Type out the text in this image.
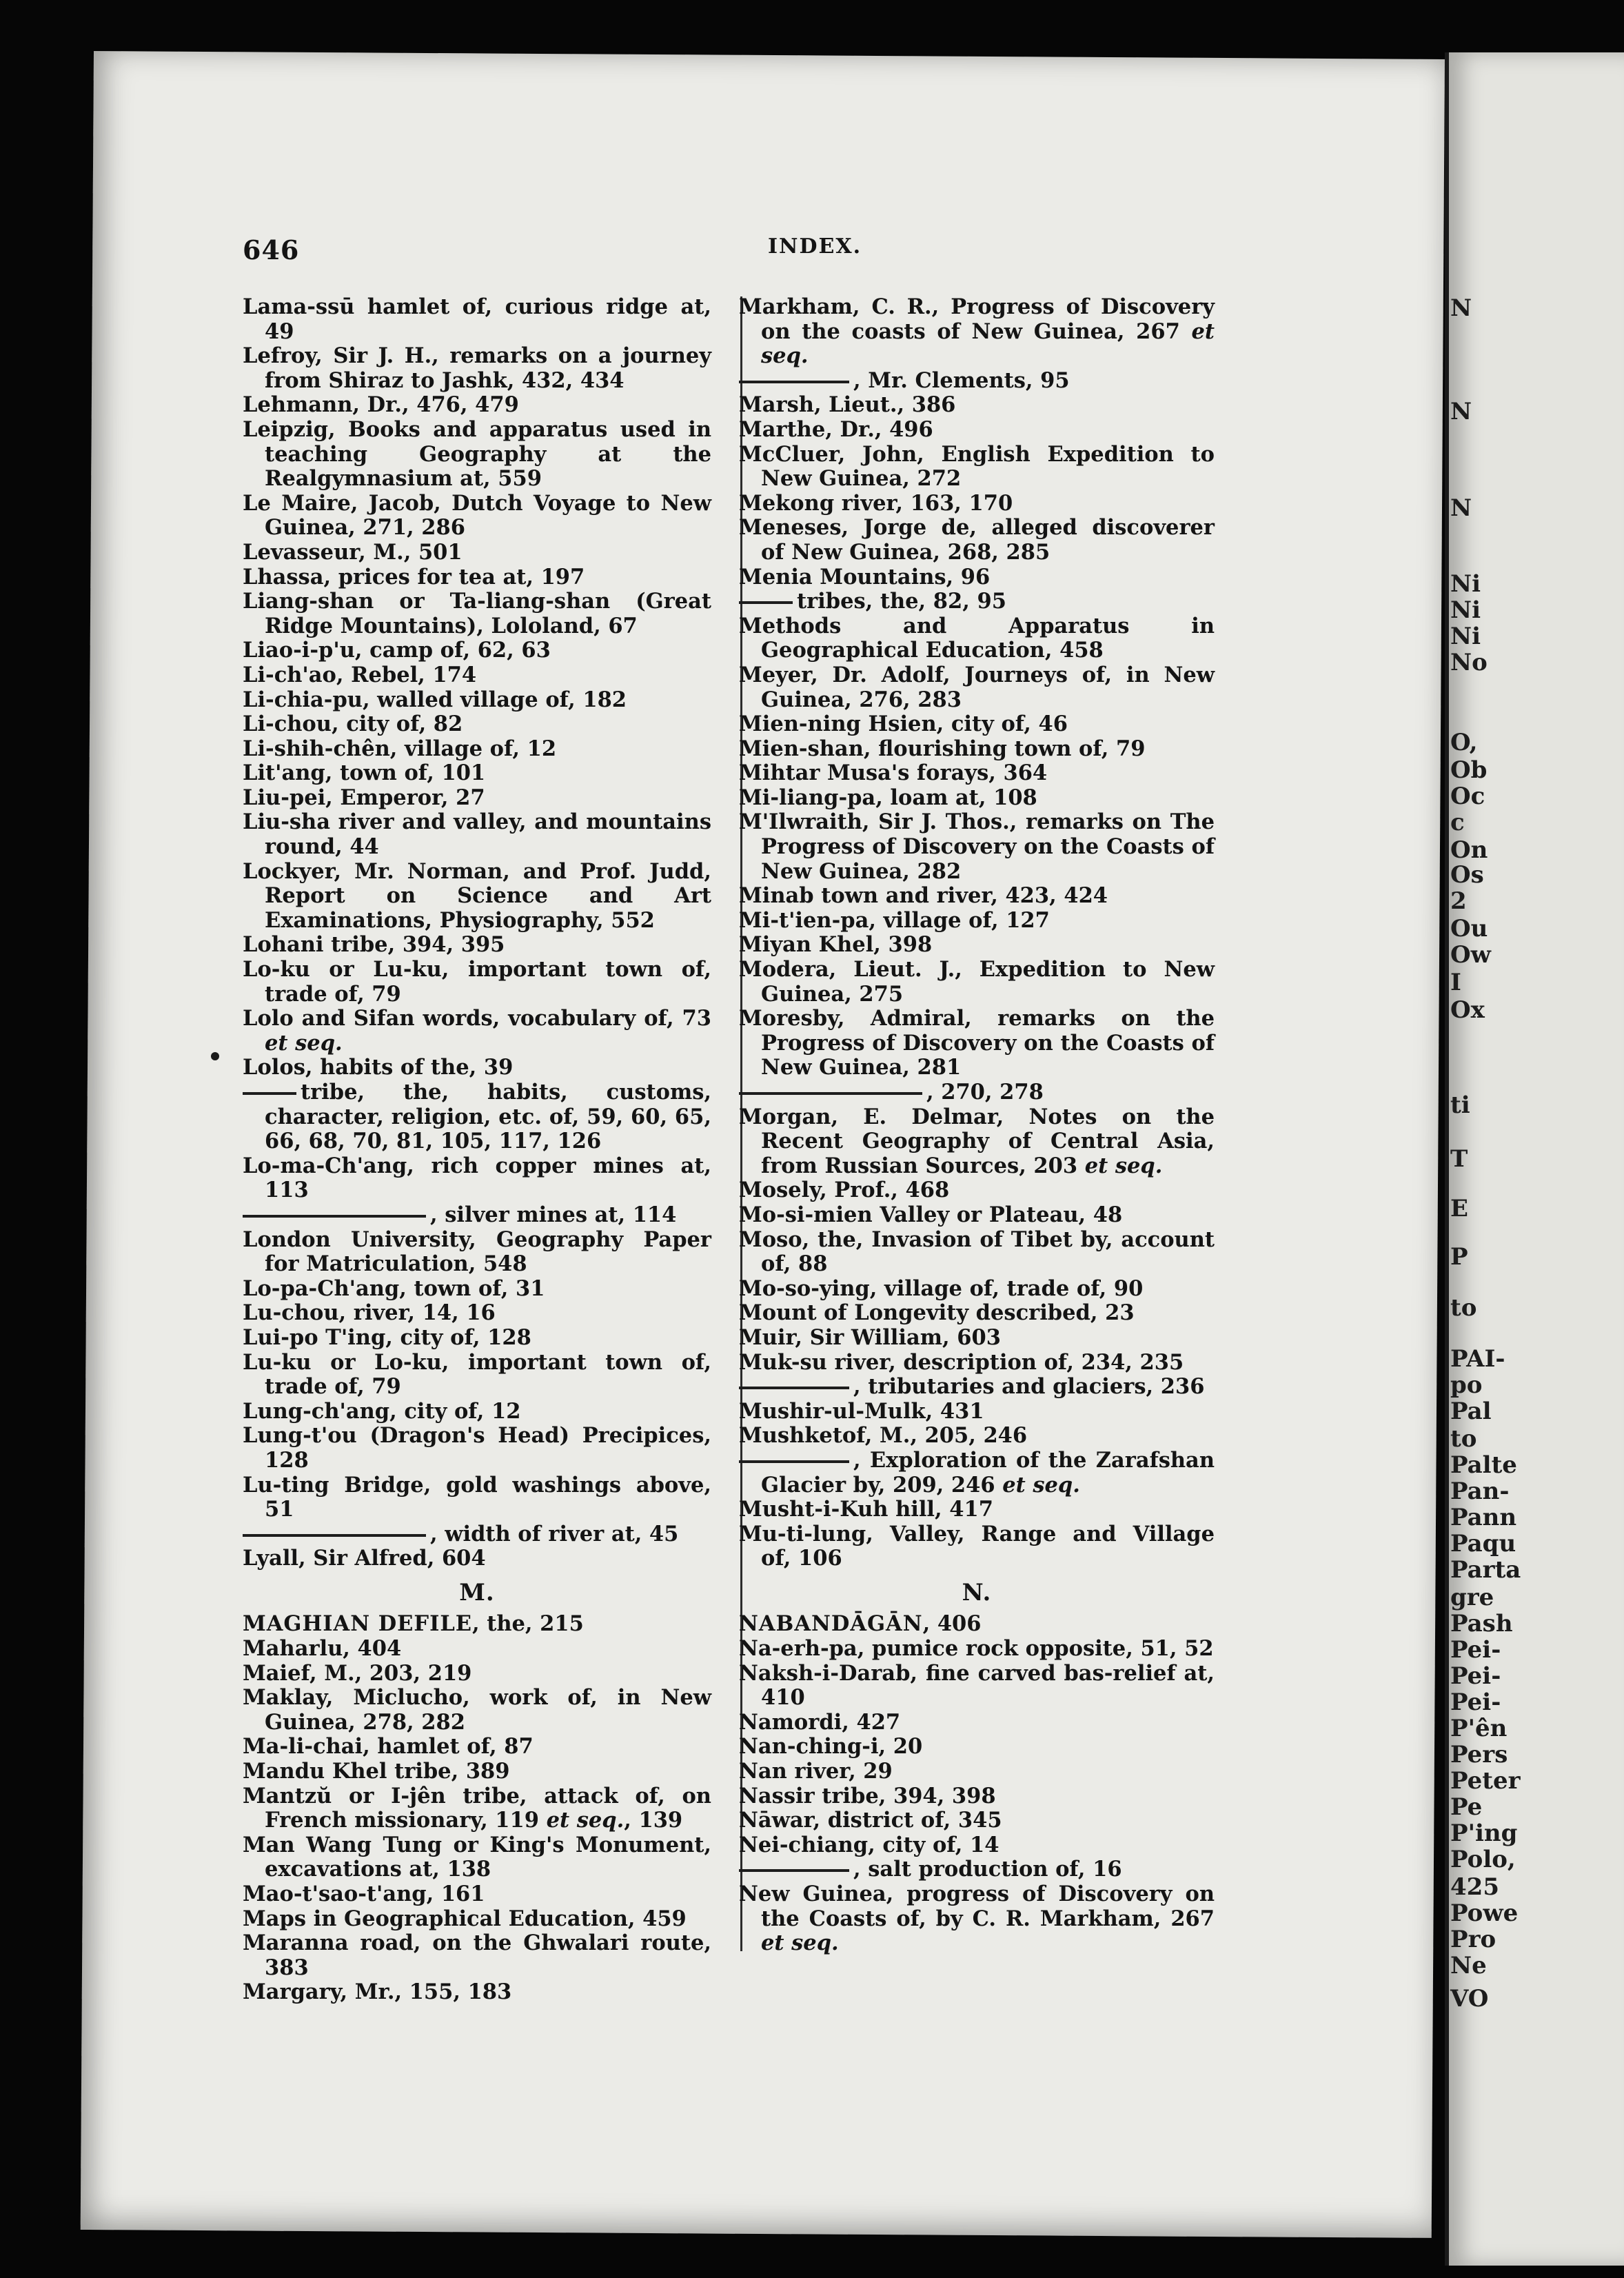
N
N
N
Ni
Ni
Ni
No
O,
Ob
Oc
c
On
Os
2
Ou
Ow
I
Ox
ti
T
E
P
to
PAI-
po
Pal
to
Palte
Pan-
Pann
Paqu
Parta
gre
Pash
Pei-
Pei-
Pei-
P'ên
Pers
Peter
Pe
P'ing
Polo,
425
Powe
Pro
Ne
VO
646	INDEX.

Lama-ssū hamlet of, curious ridge at, 49

Lefroy, Sir J. H., remarks on a journey from Shiraz to Jashk, 432, 434

Lehmann, Dr., 476, 479

Leipzig, Books and apparatus used in teaching Geography at the Realgymnasium at, 559

Le Maire, Jacob, Dutch Voyage to New Guinea, 271, 286

Levasseur, M., 501

Lhassa, prices for tea at, 197

Liang-shan or Ta-liang-shan (Great Ridge Mountains), Lololand, 67

Liao-i-p'u, camp of, 62, 63

Li-ch'ao, Rebel, 174

Li-chia-pu, walled village of, 182

Li-chou, city of, 82

Li-shih-chên, village of, 12

Lit'ang, town of, 101

Liu-pei, Emperor, 27

Liu-sha river and valley, and mountains round, 44

Lockyer, Mr. Norman, and Prof. Judd, Report on Science and Art Examinations, Physiography, 552

Lohani tribe, 394, 395

Lo-ku or Lu-ku, important town of, trade of, 79

Lolo and Sifan words, vocabulary of, 73 et seq.

Lolos, habits of the, 39

tribe, the, habits, customs, character, religion, etc. of, 59, 60, 65, 66, 68, 70, 81, 105, 117, 126

Lo-ma-Ch'ang, rich copper mines at, 113

, silver mines at, 114

London University, Geography Paper for Matriculation, 548

Lo-pa-Ch'ang, town of, 31

Lu-chou, river, 14, 16

Lui-po T'ing, city of, 128

Lu-ku or Lo-ku, important town of, trade of, 79

Lung-ch'ang, city of, 12

Lung-t'ou (Dragon's Head) Precipices, 128

Lu-ting Bridge, gold washings above, 51

, width of river at, 45

Lyall, Sir Alfred, 604

M.

MAGHIAN DEFILE, the, 215

Maharlu, 404

Maief, M., 203, 219

Maklay, Miclucho, work of, in New Guinea, 278, 282

Ma-li-chai, hamlet of, 87

Mandu Khel tribe, 389

Mantzŭ or I-jên tribe, attack of, on French missionary, 119 et seq., 139

Man Wang Tung or King's Monument, excavations at, 138

Mao-t'sao-t'ang, 161

Maps in Geographical Education, 459

Maranna road, on the Ghwalari route, 383

Margary, Mr., 155, 183

Markham, C. R., Progress of Discovery on the coasts of New Guinea, 267 et seq.

, Mr. Clements, 95

Marsh, Lieut., 386

Marthe, Dr., 496

McCluer, John, English Expedition to New Guinea, 272

Mekong river, 163, 170

Meneses, Jorge de, alleged discoverer of New Guinea, 268, 285

Menia Mountains, 96

tribes, the, 82, 95

Methods and Apparatus in Geographical Education, 458

Meyer, Dr. Adolf, Journeys of, in New Guinea, 276, 283

Mien-ning Hsien, city of, 46

Mien-shan, flourishing town of, 79

Mihtar Musa's forays, 364

Mi-liang-pa, loam at, 108

M'Ilwraith, Sir J. Thos., remarks on The Progress of Discovery on the Coasts of New Guinea, 282

Minab town and river, 423, 424

Mi-t'ien-pa, village of, 127

Miyan Khel, 398

Modera, Lieut. J., Expedition to New Guinea, 275

Moresby, Admiral, remarks on the Progress of Discovery on the Coasts of New Guinea, 281

, 270, 278

Morgan, E. Delmar, Notes on the Recent Geography of Central Asia, from Russian Sources, 203 et seq.

Mosely, Prof., 468

Mo-si-mien Valley or Plateau, 48

Moso, the, Invasion of Tibet by, account of, 88

Mo-so-ying, village of, trade of, 90

Mount of Longevity described, 23

Muir, Sir William, 603

Muk-su river, description of, 234, 235

, tributaries and glaciers, 236

Mushir-ul-Mulk, 431

Mushketof, M., 205, 246

, Exploration of the Zarafshan Glacier by, 209, 246 et seq.

Musht-i-Kuh hill, 417

Mu-ti-lung, Valley, Range and Village of, 106

N.

NABANDĀGĀN, 406

Na-erh-pa, pumice rock opposite, 51, 52

Naksh-i-Darab, fine carved bas-relief at, 410

Namordi, 427

Nan-ching-i, 20

Nan river, 29

Nassir tribe, 394, 398

Nāwar, district of, 345

Nei-chiang, city of, 14

, salt production of, 16

New Guinea, progress of Discovery on the Coasts of, by C. R. Markham, 267 et seq.
